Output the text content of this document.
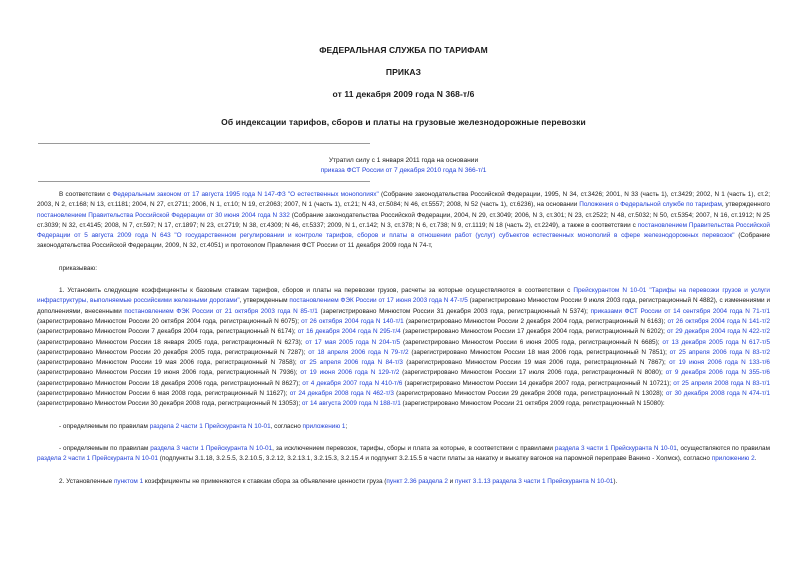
ФЕДЕРАЛЬНАЯ СЛУЖБА ПО ТАРИФАМ
ПРИКАЗ
от 11 декабря 2009 года N 368-т/6
Об индексации тарифов, сборов и платы на грузовые железнодорожные перевозки
Утратил силу с 1 января 2011 года на основании
приказа ФСТ России от 7 декабря 2010 года N 366-т/1

В соответствии с Федеральным законом от 17 августа 1995 года N 147-ФЗ "О естественных монополиях" (Собрание законодательства Российской Федерации, 1995, N 34, ст.3426; 2001, N 33 (часть 1), ст.3429; 2002, N 1 (часть 1), ст.2; 2003, N 2, ст.168; N 13, ст.1181; 2004, N 27, ст.2711; 2006, N 1, ст.10; N 19, ст.2063; 2007, N 1 (часть 1), ст.21; N 43, ст.5084; N 46, ст.5557; 2008, N 52 (часть 1), ст.6236), на основании Положения о Федеральной службе по тарифам, утвержденного постановлением Правительства Российской Федерации от 30 июня 2004 года N 332 (Собрание законодательства Российской Федерации, 2004, N 29, ст.3049; 2006, N 3, ст.301; N 23, ст.2522; N 48, ст.5032; N 50, ст.5354; 2007, N 16, ст.1912; N 25 ст.3039; N 32, ст.4145; 2008, N 7, ст.597; N 17, ст.1897; N 23, ст.2719; N 38, ст.4309; N 46, ст.5337; 2009, N 1, ст.142; N 3, ст.378; N 6, ст.738; N 9, ст.1119; N 18 (часть 2), ст.2249), а также в соответствии с постановлением Правительства Российской Федерации от 5 августа 2009 года N 643 "О государственном регулировании и контроле тарифов, сборов и платы в отношении работ (услуг) субъектов естественных монополий в сфере железнодорожных перевозок" (Собрание законодательства Российской Федерации, 2009, N 32, ст.4051) и протоколом Правления ФСТ России от 11 декабря 2009 года N 74-т,

приказываю:

1. Установить следующие коэффициенты к базовым ставкам тарифов, сборов и платы на перевозки грузов, расчеты за которые осуществляются в соответствии с Прейскурантом N 10-01 "Тарифы на перевозки грузов и услуги инфраструктуры, выполняемые российскими железными дорогами", утвержденным постановлением ФЭК России от 17 июня 2003 года N 47-т/5 (зарегистрировано Минюстом России 9 июля 2003 года, регистрационный N 4882), с изменениями и дополнениями, внесенными постановлением ФЭК России от 21 октября 2003 года N 85-т/1 (зарегистрировано Минюстом России 31 декабря 2003 года, регистрационный N 5374); приказами ФСТ России от 14 сентября 2004 года N 71-т/1 (зарегистрировано Минюстом России 20 октября 2004 года, регистрационный N 6075); от 26 октября 2004 года N 140-т/1 (зарегистрировано Минюстом России 2 декабря 2004 года, регистрационный N 6163); от 26 октября 2004 года N 141-т/2 (зарегистрировано Минюстом России 7 декабря 2004 года, регистрационный N 6174); от 16 декабря 2004 года N 295-т/4 (зарегистрировано Минюстом России 17 декабря 2004 года, регистрационный N 6202); от 29 декабря 2004 года N 422-т/2 (зарегистрировано Минюстом России 18 января 2005 года, регистрационный N 6273); от 17 мая 2005 года N 204-т/5 (зарегистрировано Минюстом России 6 июня 2005 года, регистрационный N 6685); от 13 декабря 2005 года N 617-т/5 (зарегистрировано Минюстом России 20 декабря 2005 года, регистрационный N 7287); от 18 апреля 2006 года N 79-т/2 (зарегистрировано Минюстом России 18 мая 2006 года, регистрационный N 7851); от 25 апреля 2006 года N 83-т/2 (зарегистрировано Минюстом России 19 мая 2006 года, регистрационный N 7858); от 25 апреля 2006 года N 84-т/3 (зарегистрировано Минюстом России 19 мая 2006 года, регистрационный N 7867); от 19 июня 2006 года N 133-т/6 (зарегистрировано Минюстом России 19 июня 2006 года, регистрационный N 7936); от 19 июня 2006 года N 129-т/2 (зарегистрировано Минюстом России 17 июля 2006 года, регистрационный N 8080); от 9 декабря 2006 года N 355-т/6 (зарегистрировано Минюстом России 18 декабря 2006 года, регистрационный N 8627); от 4 декабря 2007 года N 410-т/6 (зарегистрировано Минюстом России 14 декабря 2007 года, регистрационный N 10721); от 25 апреля 2008 года N 83-т/1 (зарегистрировано Минюстом России 6 мая 2008 года, регистрационный N 11627); от 24 декабря 2008 года N 462-т/3 (зарегистрировано Минюстом России 29 декабря 2008 года, регистрационный N 13028); от 30 декабря 2008 года N 474-т/1 (зарегистрировано Минюстом России 30 декабря 2008 года, регистрационный N 13053); от 14 августа 2009 года N 188-т/1 (зарегистрировано Минюстом России 21 октября 2009 года, регистрационный N 15080):

- определяемым по правилам раздела 2 части 1 Прейскуранта N 10-01, согласно приложению 1;

- определяемым по правилам раздела 3 части 1 Прейскуранта N 10-01, за исключением перевозок, тарифы, сборы и плата за которые, в соответствии с правилами раздела 3 части 1 Прейскуранта N 10-01, осуществляются по правилам раздела 2 части 1 Прейскуранта N 10-01 (подпункты 3.1.18, 3.2.5.5, 3.2.10.5, 3.2.12, 3.2.13.1, 3.2.15.3, 3.2.15.4 и подпункт 3.2.15.5 в части платы за накатку и выкатку вагонов на паромной переправе Ванино - Холмск), согласно приложению 2.

2. Установленные пунктом 1 коэффициенты не применяются к ставкам сбора за объявление ценности груза (пункт 2.36 раздела 2 и пункт 3.1.13 раздела 3 части 1 Прейскуранта N 10-01).
